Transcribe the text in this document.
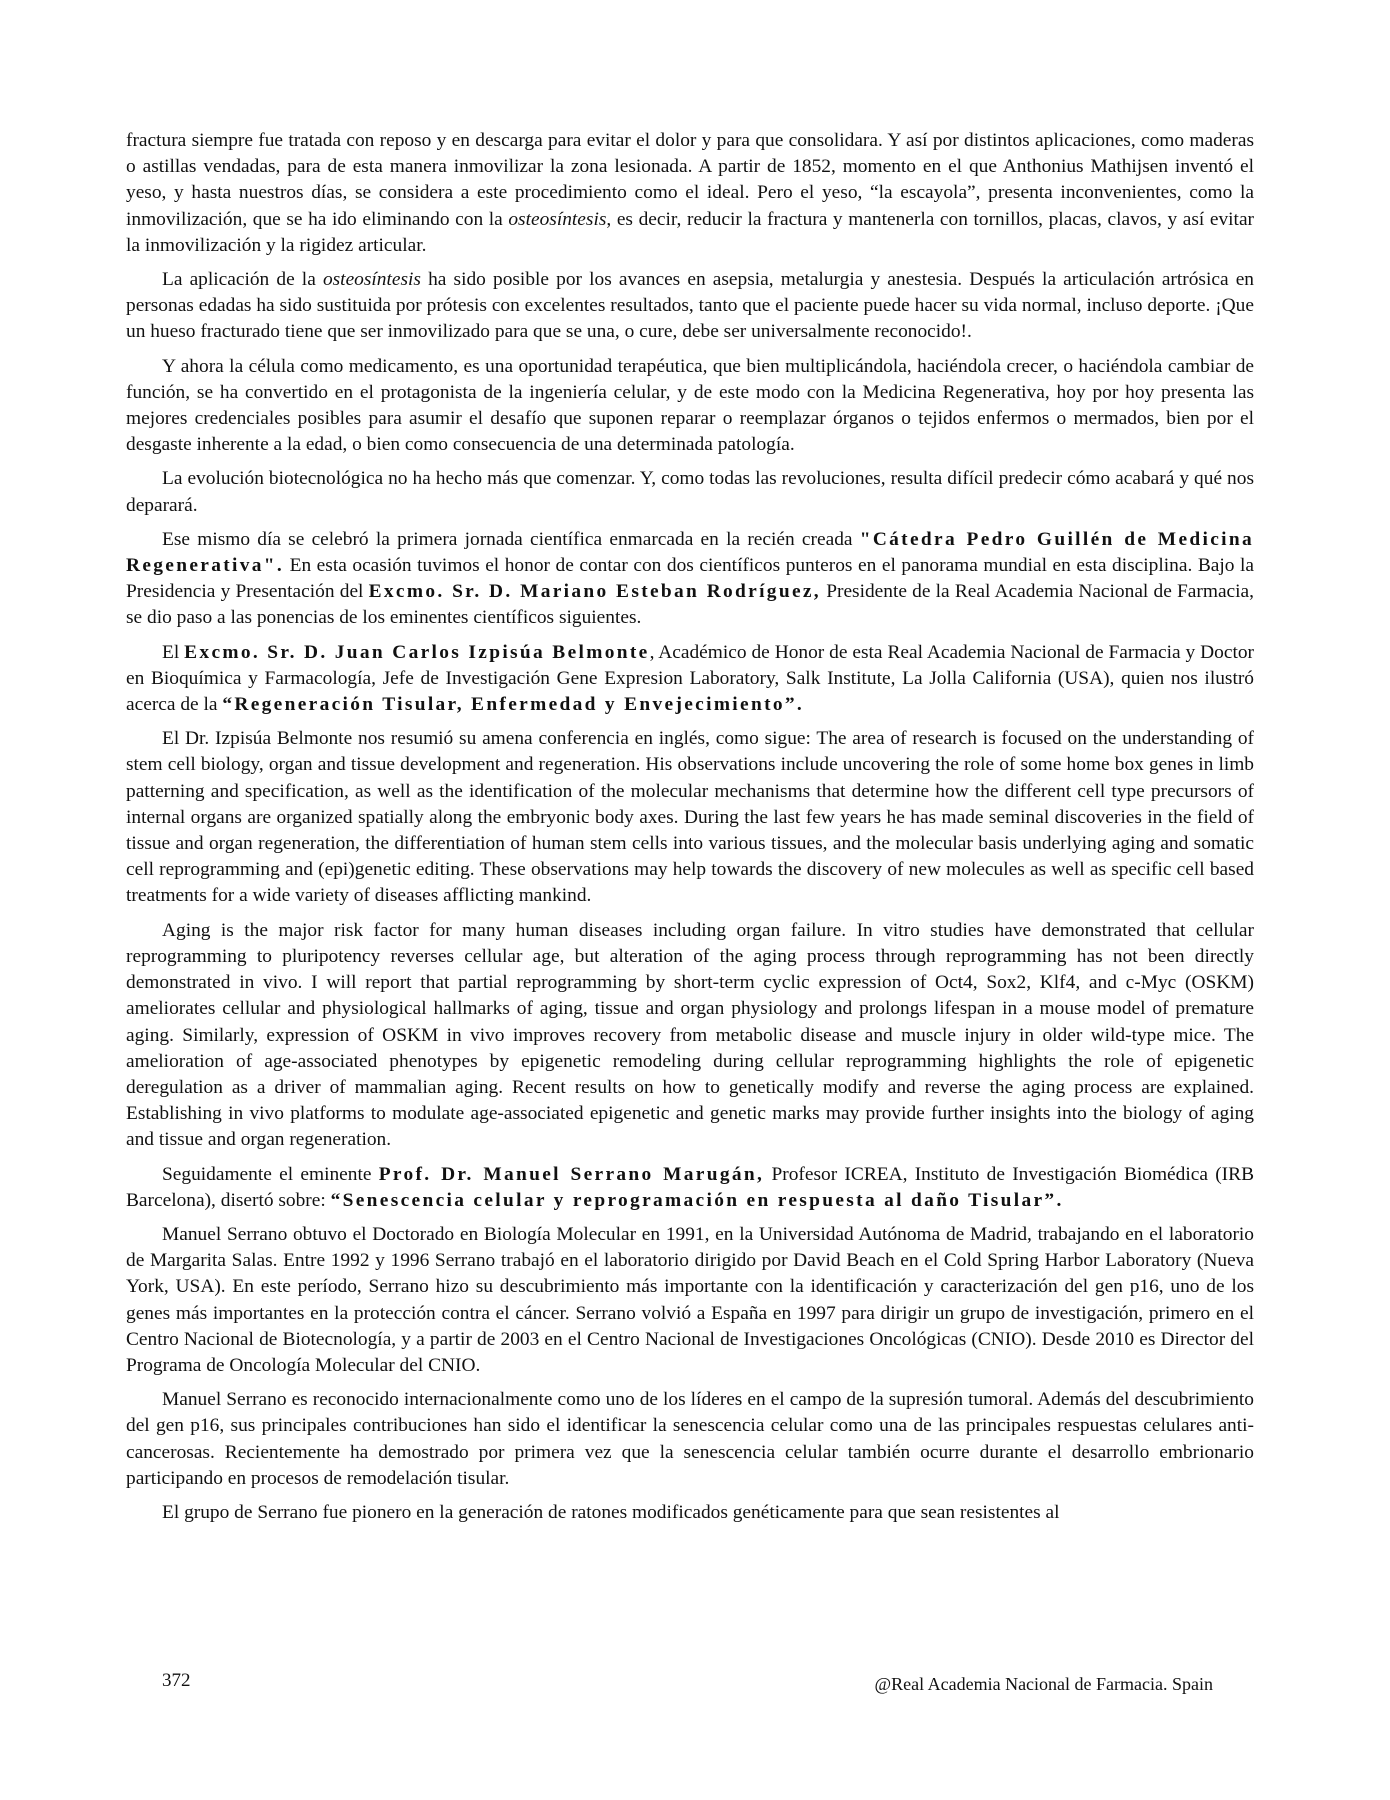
fractura siempre fue tratada con reposo y en descarga para evitar el dolor y para que consolidara. Y así por distintos aplicaciones, como maderas o astillas vendadas, para de esta manera inmovilizar la zona lesionada. A partir de 1852, momento en el que Anthonius Mathijsen inventó el yeso, y hasta nuestros días, se considera a este procedimiento como el ideal. Pero el yeso, “la escayola”, presenta inconvenientes, como la inmovilización, que se ha ido eliminando con la osteosíntesis, es decir, reducir la fractura y mantenerla con tornillos, placas, clavos, y así evitar la inmovilización y la rigidez articular.

La aplicación de la osteosíntesis ha sido posible por los avances en asepsia, metalurgia y anestesia. Después la articulación artrósica en personas edadas ha sido sustituida por prótesis con excelentes resultados, tanto que el paciente puede hacer su vida normal, incluso deporte. ¡Que un hueso fracturado tiene que ser inmovilizado para que se una, o cure, debe ser universalmente reconocido!.

Y ahora la célula como medicamento, es una oportunidad terapéutica, que bien multiplicándola, haciéndola crecer, o haciéndola cambiar de función, se ha convertido en el protagonista de la ingeniería celular, y de este modo con la Medicina Regenerativa, hoy por hoy presenta las mejores credenciales posibles para asumir el desafío que suponen reparar o reemplazar órganos o tejidos enfermos o mermados, bien por el desgaste inherente a la edad, o bien como consecuencia de una determinada patología.

La evolución biotecnológica no ha hecho más que comenzar. Y, como todas las revoluciones, resulta difícil predecir cómo acabará y qué nos deparará.

Ese mismo día se celebró la primera jornada científica enmarcada en la recién creada "Cátedra Pedro Guillén de Medicina Regenerativa". En esta ocasión tuvimos el honor de contar con dos científicos punteros en el panorama mundial en esta disciplina. Bajo la Presidencia y Presentación del Excmo. Sr. D. Mariano Esteban Rodríguez, Presidente de la Real Academia Nacional de Farmacia, se dio paso a las ponencias de los eminentes científicos siguientes.

El Excmo. Sr. D. Juan Carlos Izpisúa Belmonte, Académico de Honor de esta Real Academia Nacional de Farmacia y Doctor en Bioquímica y Farmacología, Jefe de Investigación Gene Expresion Laboratory, Salk Institute, La Jolla California (USA), quien nos ilustró acerca de la “Regeneración Tisular, Enfermedad y Envejecimiento”.

El Dr. Izpisúa Belmonte nos resumió su amena conferencia en inglés, como sigue: The area of research is focused on the understanding of stem cell biology, organ and tissue development and regeneration. His observations include uncovering the role of some home box genes in limb patterning and specification, as well as the identification of the molecular mechanisms that determine how the different cell type precursors of internal organs are organized spatially along the embryonic body axes. During the last few years he has made seminal discoveries in the field of tissue and organ regeneration, the differentiation of human stem cells into various tissues, and the molecular basis underlying aging and somatic cell reprogramming and (epi)genetic editing. These observations may help towards the discovery of new molecules as well as specific cell based treatments for a wide variety of diseases afflicting mankind.

Aging is the major risk factor for many human diseases including organ failure. In vitro studies have demonstrated that cellular reprogramming to pluripotency reverses cellular age, but alteration of the aging process through reprogramming has not been directly demonstrated in vivo. I will report that partial reprogramming by short-term cyclic expression of Oct4, Sox2, Klf4, and c-Myc (OSKM) ameliorates cellular and physiological hallmarks of aging, tissue and organ physiology and prolongs lifespan in a mouse model of premature aging. Similarly, expression of OSKM in vivo improves recovery from metabolic disease and muscle injury in older wild-type mice. The amelioration of age-associated phenotypes by epigenetic remodeling during cellular reprogramming highlights the role of epigenetic deregulation as a driver of mammalian aging. Recent results on how to genetically modify and reverse the aging process are explained. Establishing in vivo platforms to modulate age-associated epigenetic and genetic marks may provide further insights into the biology of aging and tissue and organ regeneration.

Seguidamente el eminente Prof. Dr. Manuel Serrano Marugán, Profesor ICREA, Instituto de Investigación Biomédica (IRB Barcelona), disertó sobre: “Senescencia celular y reprogramación en respuesta al daño Tisular”.

Manuel Serrano obtuvo el Doctorado en Biología Molecular en 1991, en la Universidad Autónoma de Madrid, trabajando en el laboratorio de Margarita Salas. Entre 1992 y 1996 Serrano trabajó en el laboratorio dirigido por David Beach en el Cold Spring Harbor Laboratory (Nueva York, USA). En este período, Serrano hizo su descubrimiento más importante con la identificación y caracterización del gen p16, uno de los genes más importantes en la protección contra el cáncer. Serrano volvió a España en 1997 para dirigir un grupo de investigación, primero en el Centro Nacional de Biotecnología, y a partir de 2003 en el Centro Nacional de Investigaciones Oncológicas (CNIO). Desde 2010 es Director del Programa de Oncología Molecular del CNIO.

Manuel Serrano es reconocido internacionalmente como uno de los líderes en el campo de la supresión tumoral. Además del descubrimiento del gen p16, sus principales contribuciones han sido el identificar la senescencia celular como una de las principales respuestas celulares anti-cancerosas. Recientemente ha demostrado por primera vez que la senescencia celular también ocurre durante el desarrollo embrionario participando en procesos de remodelación tisular.

El grupo de Serrano fue pionero en la generación de ratones modificados genéticamente para que sean resistentes al

372	@Real Academia Nacional de Farmacia. Spain
